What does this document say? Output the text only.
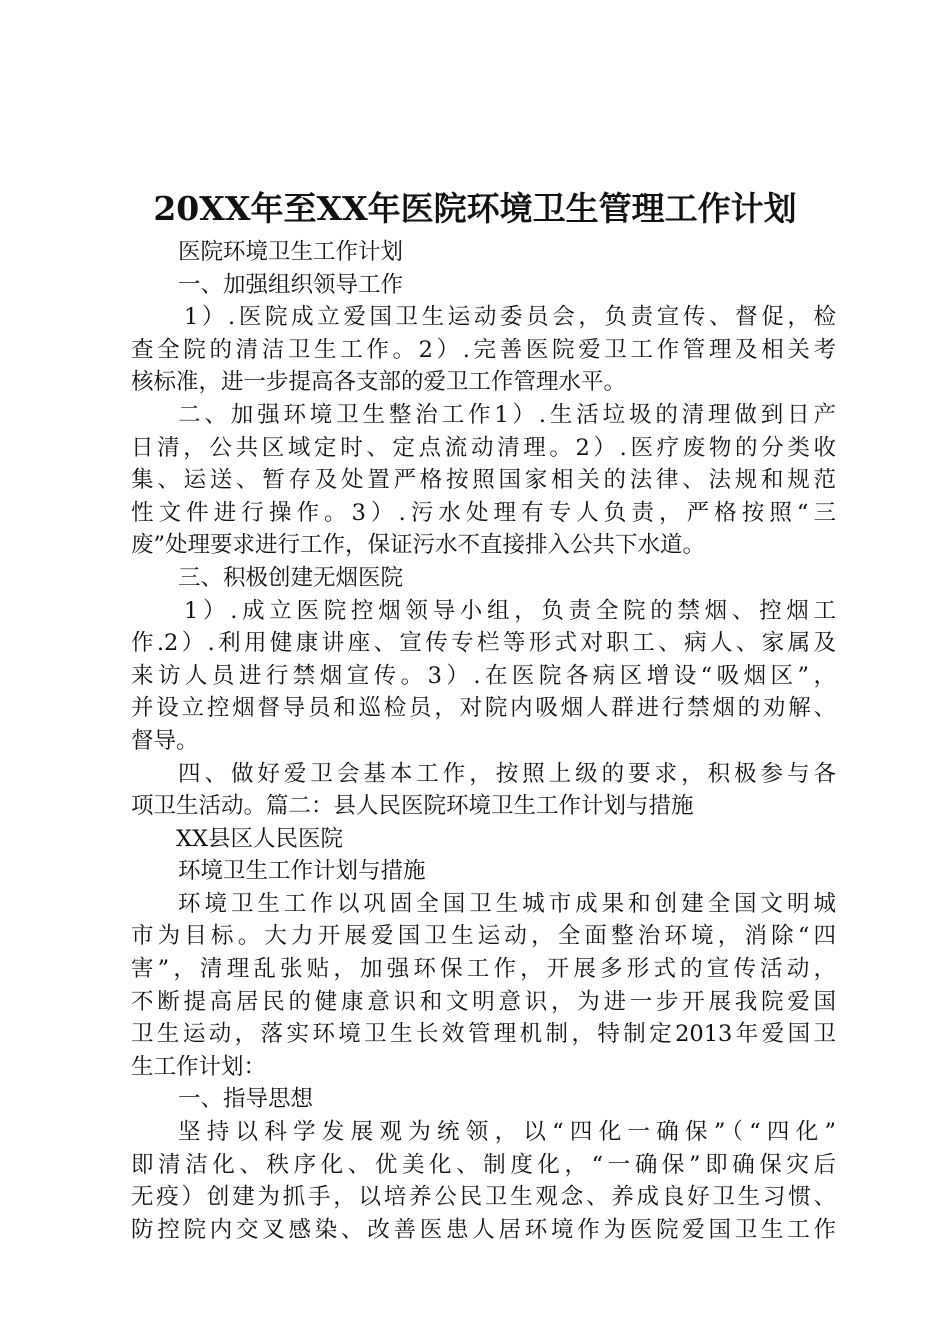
20XX年至XX年医院环境卫生管理工作计划
医院环境卫生工作计划
一、加强组织领导工作
1）.医院成立爱国卫生运动委员会，负责宣传、督促，检
查全院的清洁卫生工作。2）.完善医院爱卫工作管理及相关考
核标准，进一步提高各支部的爱卫工作管理水平。
二、加强环境卫生整治工作1）.生活垃圾的清理做到日产
日清，公共区域定时、定点流动清理。2）.医疗废物的分类收
集、运送、暂存及处置严格按照国家相关的法律、法规和规范
性文件进行操作。3）.污水处理有专人负责，严格按照“三
废”处理要求进行工作，保证污水不直接排入公共下水道。
三、积极创建无烟医院
1）.成立医院控烟领导小组，负责全院的禁烟、控烟工
作.2）.利用健康讲座、宣传专栏等形式对职工、病人、家属及
来访人员进行禁烟宣传。3）.在医院各病区增设“吸烟区”，
并设立控烟督导员和巡检员，对院内吸烟人群进行禁烟的劝解、
督导。
四、做好爱卫会基本工作，按照上级的要求，积极参与各
项卫生活动。篇二：县人民医院环境卫生工作计划与措施
XX县区人民医院
环境卫生工作计划与措施
环境卫生工作以巩固全国卫生城市成果和创建全国文明城
市为目标。大力开展爱国卫生运动，全面整治环境，消除“四
害”，清理乱张贴，加强环保工作，开展多形式的宣传活动，
不断提高居民的健康意识和文明意识，为进一步开展我院爱国
卫生运动，落实环境卫生长效管理机制，特制定2013年爱国卫
生工作计划：
一、指导思想
坚持以科学发展观为统领，以“四化一确保”（“四化”
即清洁化、秩序化、优美化、制度化，“一确保”即确保灾后
无疫）创建为抓手，以培养公民卫生观念、养成良好卫生习惯、
防控院内交叉感染、改善医患人居环境作为医院爱国卫生工作
